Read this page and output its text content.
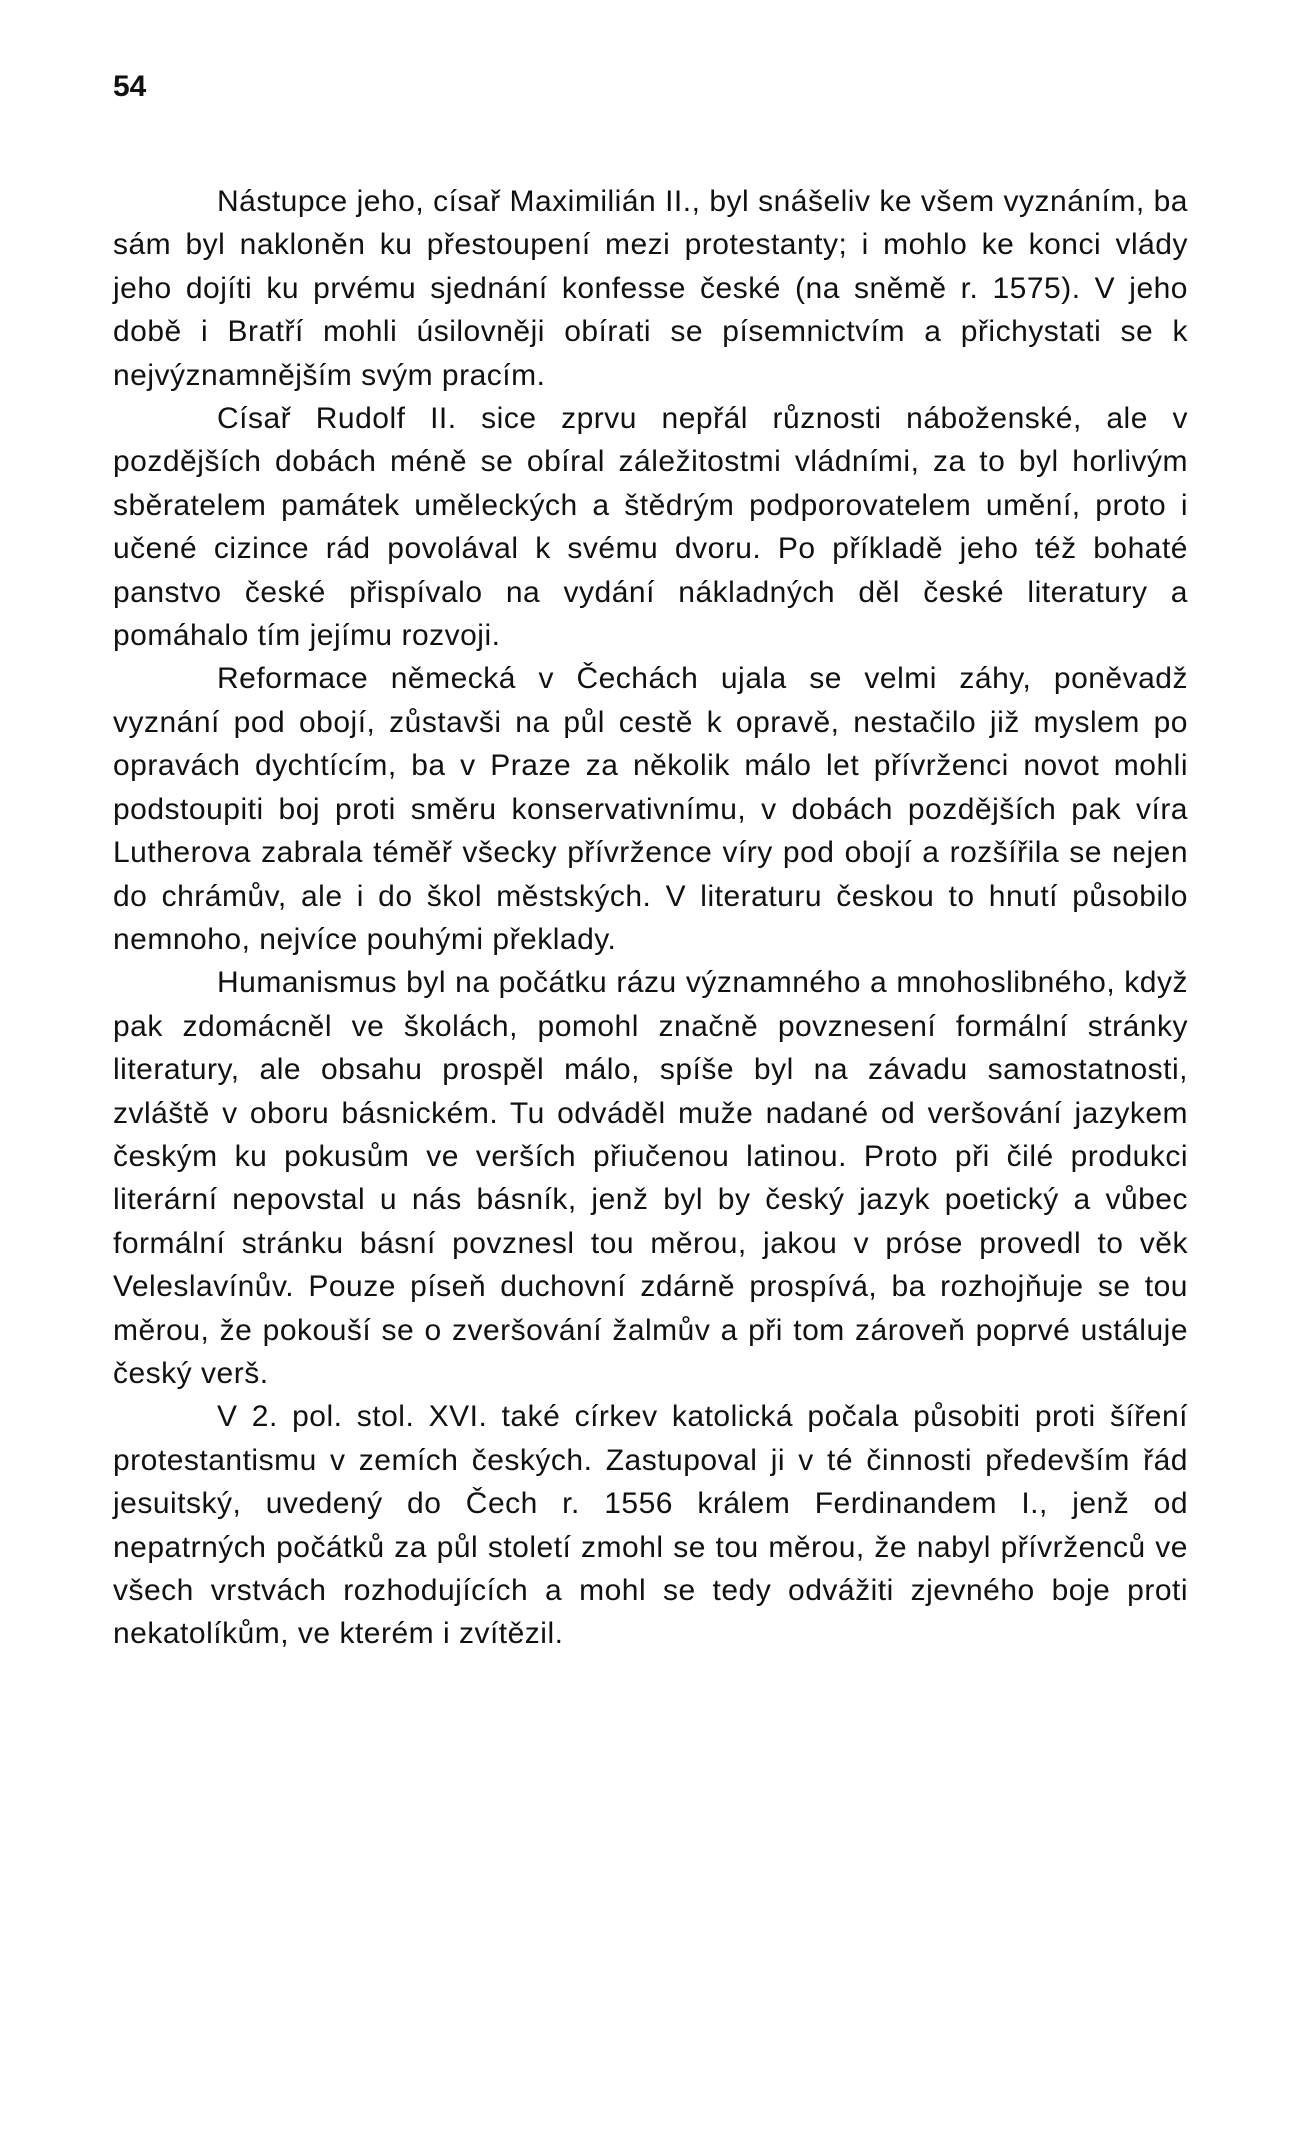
54

Nástupce jeho, císař Maximilián II., byl snášeliv ke všem vyznáním, ba sám byl nakloněn ku přestoupení mezi protestanty; i mohlo ke konci vlády jeho dojíti ku prvému sjednání konfesse české (na sněmě r. 1575). V jeho době i Bratří mohli úsilovněji obírati se písemnictvím a přichystati se k nejvýznamnějším svým pracím.

Císař Rudolf II. sice zprvu nepřál různosti náboženské, ale v pozdějších dobách méně se obíral záležitostmi vládními, za to byl horlivým sběratelem památek uměleckých a štědrým podporovatelem umění, proto i učené cizince rád povolával k svému dvoru. Po příkladě jeho též bohaté panstvo české přispívalo na vydání nákladných děl české literatury a pomáhalo tím jejímu rozvoji.

Reformace německá v Čechách ujala se velmi záhy, poněvadž vyznání pod obojí, zůstavši na půl cestě k opravě, nestačilo již myslem po opravách dychtícím, ba v Praze za několik málo let přívrženci novot mohli podstoupiti boj proti směru konservativnímu, v dobách pozdějších pak víra Lutherova zabrala téměř všecky přívržence víry pod obojí a rozšířila se nejen do chrámův, ale i do škol městských. V literaturu českou to hnutí působilo nemnoho, nejvíce pouhými překlady.

Humanismus byl na počátku rázu významného a mnohoslibného, když pak zdomácněl ve školách, pomohl značně povznesení formální stránky literatury, ale obsahu prospěl málo, spíše byl na závadu samostatnosti, zvláště v oboru básnickém. Tu odváděl muže nadané od veršování jazykem českým ku pokusům ve verších přiučenou latinou. Proto při čilé produkci literární nepovstal u nás básník, jenž byl by český jazyk poetický a vůbec formální stránku básní povznesl tou měrou, jakou v próse provedl to věk Veleslavínův. Pouze píseň duchovní zdárně prospívá, ba rozhojňuje se tou měrou, že pokouší se o zveršování žalmův a při tom zároveň poprvé ustáluje český verš.

V 2. pol. stol. XVI. také církev katolická počala působiti proti šíření protestantismu v zemích českých. Zastupoval ji v té činnosti především řád jesuitský, uvedený do Čech r. 1556 králem Ferdinandem I., jenž od nepatrných počátků za půl století zmohl se tou měrou, že nabyl přívrženců ve všech vrstvách rozhodujících a mohl se tedy odvážiti zjevného boje proti nekatolíkům, ve kterém i zvítězil.
